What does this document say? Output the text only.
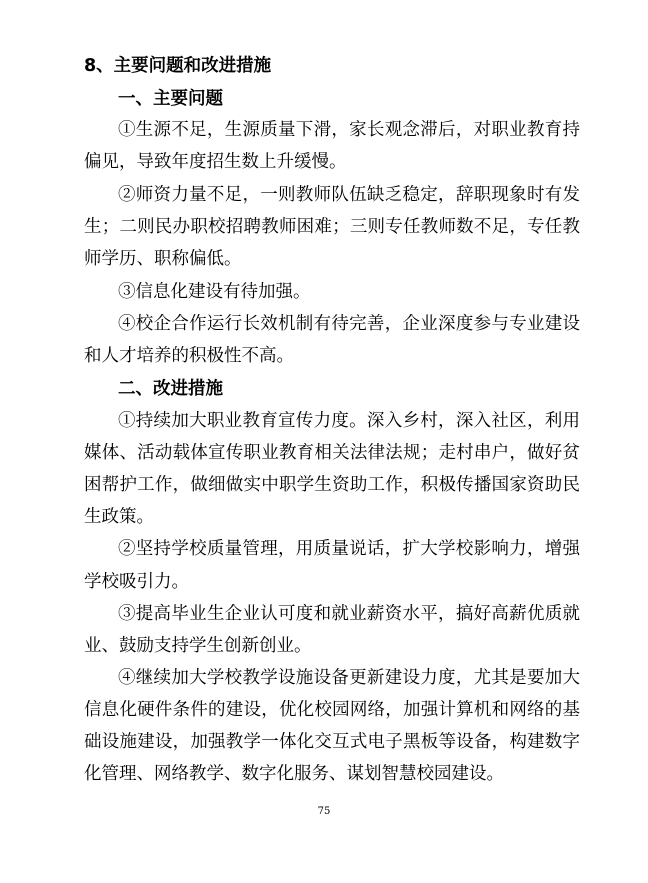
8、主要问题和改进措施
一、主要问题
①生源不足，生源质量下滑，家长观念滞后，对职业教育持
偏见，导致年度招生数上升缓慢。
②师资力量不足，一则教师队伍缺乏稳定，辞职现象时有发
生；二则民办职校招聘教师困难；三则专任教师数不足，专任教
师学历、职称偏低。
③信息化建设有待加强。
④校企合作运行长效机制有待完善，企业深度参与专业建设
和人才培养的积极性不高。
二、改进措施
①持续加大职业教育宣传力度。深入乡村，深入社区，利用
媒体、活动载体宣传职业教育相关法律法规；走村串户，做好贫
困帮护工作，做细做实中职学生资助工作，积极传播国家资助民
生政策。
②坚持学校质量管理，用质量说话，扩大学校影响力，增强
学校吸引力。
③提高毕业生企业认可度和就业薪资水平，搞好高薪优质就
业、鼓励支持学生创新创业。
④继续加大学校教学设施设备更新建设力度，尤其是要加大
信息化硬件条件的建设，优化校园网络，加强计算机和网络的基
础设施建设，加强教学一体化交互式电子黑板等设备，构建数字
化管理、网络教学、数字化服务、谋划智慧校园建设。
75
